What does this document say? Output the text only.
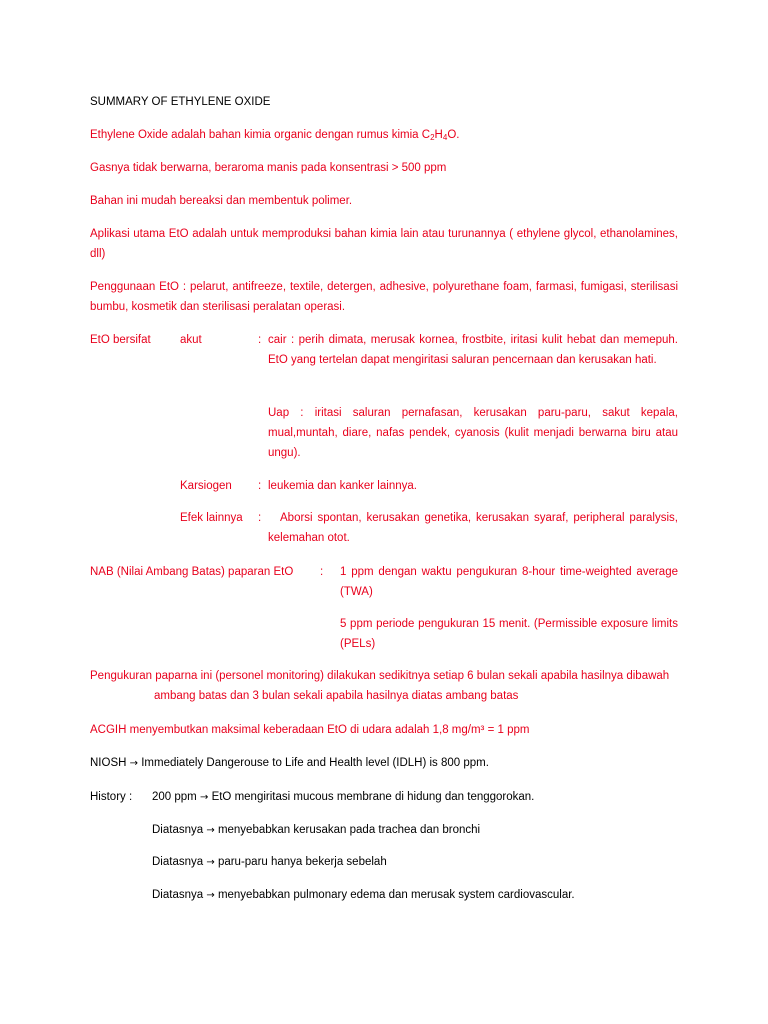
SUMMARY OF ETHYLENE OXIDE
Ethylene Oxide adalah bahan kimia organic dengan rumus kimia $C_2H_4O$.
Gasnya tidak berwarna, beraroma manis pada konsentrasi > 500 ppm
Bahan ini mudah bereaksi dan membentuk polimer.
Aplikasi utama EtO adalah untuk memproduksi bahan kimia lain atau turunannya ( ethylene glycol, ethanolamines, dll)
Penggunaan EtO : pelarut, antifreeze, textile, detergen, adhesive, polyurethane foam, farmasi, fumigasi, sterilisasi bumbu, kosmetik dan sterilisasi peralatan operasi.
EtO bersifat	akut	: cair : perih dimata, merusak kornea, frostbite, iritasi kulit hebat dan memepuh. EtO yang tertelan dapat mengiritasi saluran pencernaan dan kerusakan hati.
Uap : iritasi saluran pernafasan, kerusakan paru-paru, sakut kepala, mual,muntah, diare, nafas pendek, cyanosis (kulit menjadi berwarna biru atau ungu).
Karsiogen : leukemia dan kanker lainnya.
Efek lainnya :	Aborsi spontan, kerusakan genetika, kerusakan syaraf, peripheral paralysis, kelemahan otot.
NAB (Nilai Ambang Batas) paparan EtO : 1 ppm dengan waktu pengukuran 8-hour time-weighted average (TWA)
5 ppm periode pengukuran 15 menit. (Permissible exposure limits (PELs)
Pengukuran paparna ini (personel monitoring) dilakukan sedikitnya setiap 6 bulan sekali apabila hasilnya dibawah ambang batas dan 3 bulan sekali apabila hasilnya diatas ambang batas
ACGIH menyembutkan maksimal keberadaan EtO di udara adalah 1,8 mg/m³ = 1 ppm
NIOSH → Immediately Dangerouse to Life and Health level (IDLH) is 800 ppm.
History : 200 ppm → EtO mengiritasi mucous membrane di hidung dan tenggorokan.
Diatasnya → menyebabkan kerusakan pada trachea dan bronchi
Diatasnya → paru-paru hanya bekerja sebelah
Diatasnya → menyebabkan pulmonary edema dan merusak system cardiovascular.
